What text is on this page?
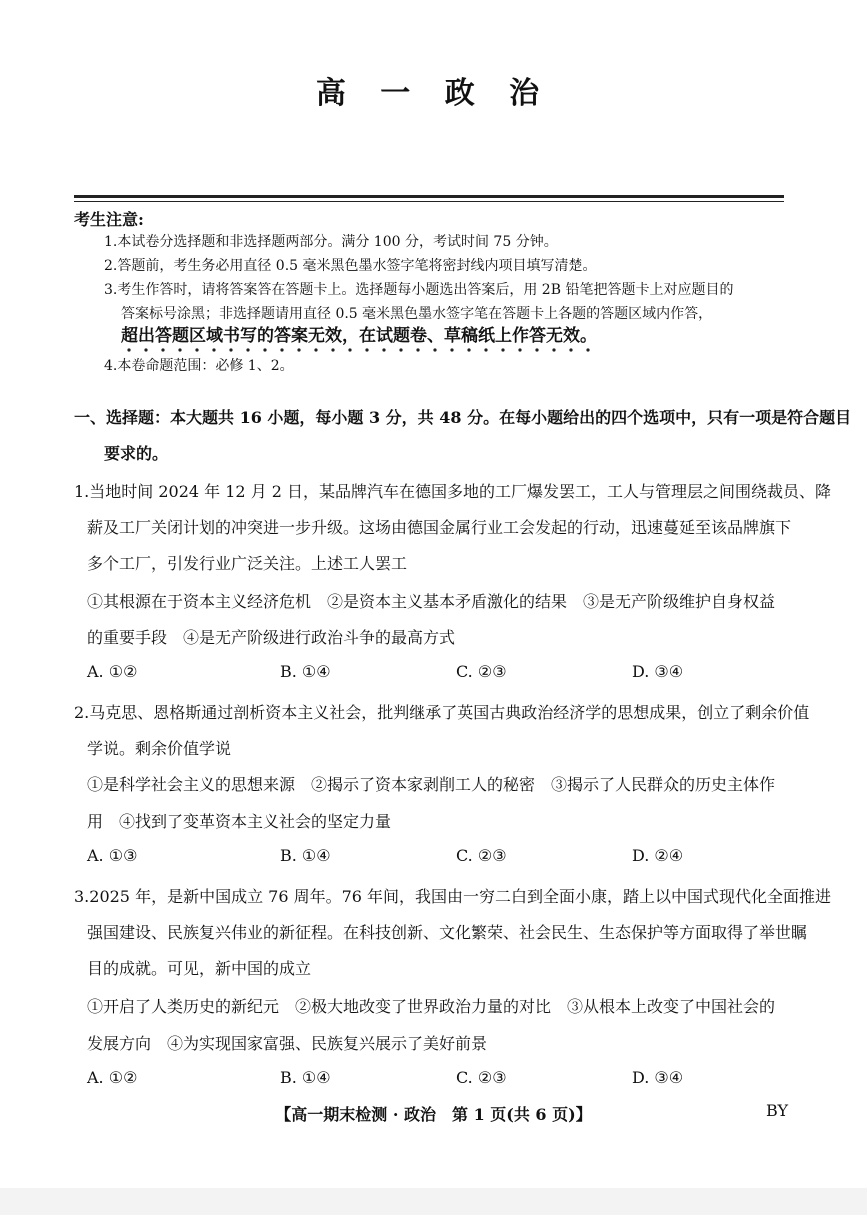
高 一 政 治
考生注意:
1.本试卷分选择题和非选择题两部分。满分 100 分，考试时间 75 分钟。
2.答题前，考生务必用直径 0.5 毫米黑色墨水签字笔将密封线内项目填写清楚。
3.考生作答时，请将答案答在答题卡上。选择题每小题选出答案后，用 2B 铅笔把答题卡上对应题目的
答案标号涂黑；非选择题请用直径 0.5 毫米黑色墨水签字笔在答题卡上各题的答题区域内作答，
超出答题区域书写的答案无效，在试题卷、草稿纸上作答无效。
4.本卷命题范围：必修 1、2。
一、选择题：本大题共 16 小题，每小题 3 分，共 48 分。在每小题给出的四个选项中，只有一项是符合题目
要求的。
1.当地时间 2024 年 12 月 2 日，某品牌汽车在德国多地的工厂爆发罢工，工人与管理层之间围绕裁员、降
薪及工厂关闭计划的冲突进一步升级。这场由德国金属行业工会发起的行动，迅速蔓延至该品牌旗下
多个工厂，引发行业广泛关注。上述工人罢工
①其根源在于资本主义经济危机　②是资本主义基本矛盾激化的结果　③是无产阶级维护自身权益
的重要手段　④是无产阶级进行政治斗争的最高方式
A. ①②	B. ①④	C. ②③	D. ③④
2.马克思、恩格斯通过剖析资本主义社会，批判继承了英国古典政治经济学的思想成果，创立了剩余价值
学说。剩余价值学说
①是科学社会主义的思想来源　②揭示了资本家剥削工人的秘密　③揭示了人民群众的历史主体作
用　④找到了变革资本主义社会的坚定力量
A. ①③	B. ①④	C. ②③	D. ②④
3.2025 年，是新中国成立 76 周年。76 年间，我国由一穷二白到全面小康，踏上以中国式现代化全面推进
强国建设、民族复兴伟业的新征程。在科技创新、文化繁荣、社会民生、生态保护等方面取得了举世瞩
目的成就。可见，新中国的成立
①开启了人类历史的新纪元　②极大地改变了世界政治力量的对比　③从根本上改变了中国社会的
发展方向　④为实现国家富强、民族复兴展示了美好前景
A. ①②	B. ①④	C. ②③	D. ③④
【高一期末检测 · 政治　第 1 页(共 6 页)】	BY
